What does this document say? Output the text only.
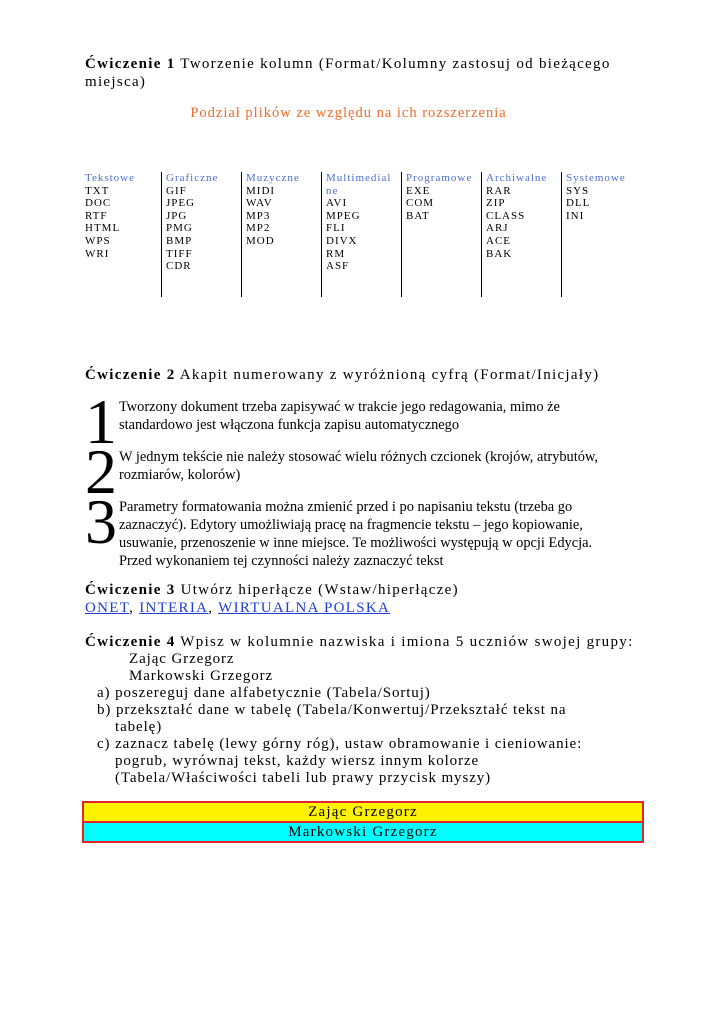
Ćwiczenie 1 Tworzenie kolumn (Format/Kolumny zastosuj od bieżącego
miejsca)
Podział plików ze względu na ich rozszerzenia
Tekstowe
TXT
DOC
RTF
HTML
WPS
WRI
Graficzne
GIF
JPEG
JPG
PMG
BMP
TIFF
CDR
Muzyczne
MIDI
WAV
MP3
MP2
MOD
Multimedial
ne
AVI
MPEG
FLI
DIVX
RM
ASF
Programowe
EXE
COM
BAT
Archiwalne
RAR
ZIP
CLASS
ARJ
ACE
BAK
Systemowe
SYS
DLL
INI
Ćwiczenie 2 Akapit numerowany z wyróżnioną cyfrą (Format/Inicjały)
1 Tworzony dokument trzeba zapisywać w trakcie jego redagowania, mimo że
standardowo jest włączona funkcja zapisu automatycznego
2 W jednym tekście nie należy stosować wielu różnych czcionek (krojów, atrybutów,
rozmiarów, kolorów)
3 Parametry formatowania można zmienić przed i po napisaniu tekstu (trzeba go
zaznaczyć). Edytory umożliwiają pracę na fragmencie tekstu – jego kopiowanie,
usuwanie, przenoszenie w inne miejsce. Te możliwości występują w opcji Edycja.
Przed wykonaniem tej czynności należy zaznaczyć tekst
Ćwiczenie 3 Utwórz hiperłącze (Wstaw/hiperłącze)
ONET, INTERIA, WIRTUALNA POLSKA
Ćwiczenie 4 Wpisz w kolumnie nazwiska i imiona 5 uczniów swojej grupy:
Zając Grzegorz
Markowski Grzegorz
a) poszereguj dane alfabetycznie (Tabela/Sortuj)
b) przekształć dane w tabelę (Tabela/Konwertuj/Przekształć tekst na
tabelę)
c) zaznacz tabelę (lewy górny róg), ustaw obramowanie i cieniowanie:
pogrub, wyrównaj tekst, każdy wiersz innym kolorze
(Tabela/Właściwości tabeli lub prawy przycisk myszy)
Zając Grzegorz
Markowski Grzegorz
